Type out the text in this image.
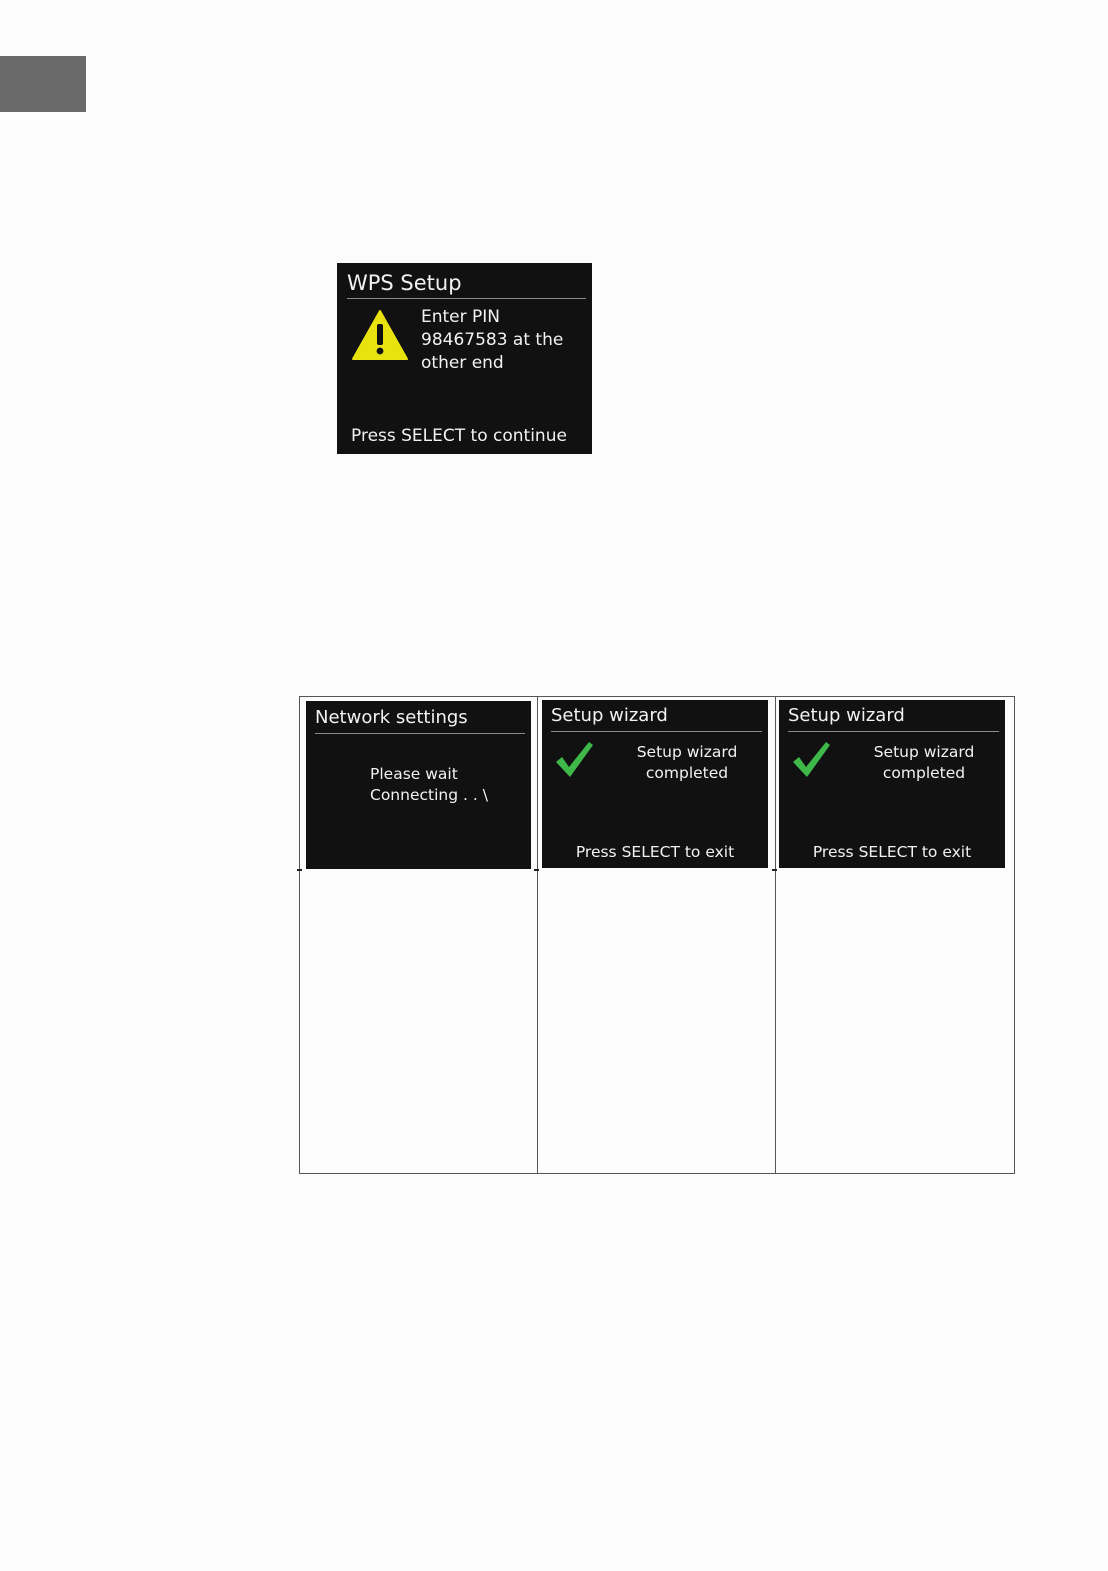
WPS Setup
Enter PIN
98467583 at the
other end
Press SELECT to continue
Network settings
Please wait
Connecting . . \
Setup wizard
Setup wizard
completed
Press SELECT to exit
Setup wizard
Setup wizard
completed
Press SELECT to exit
